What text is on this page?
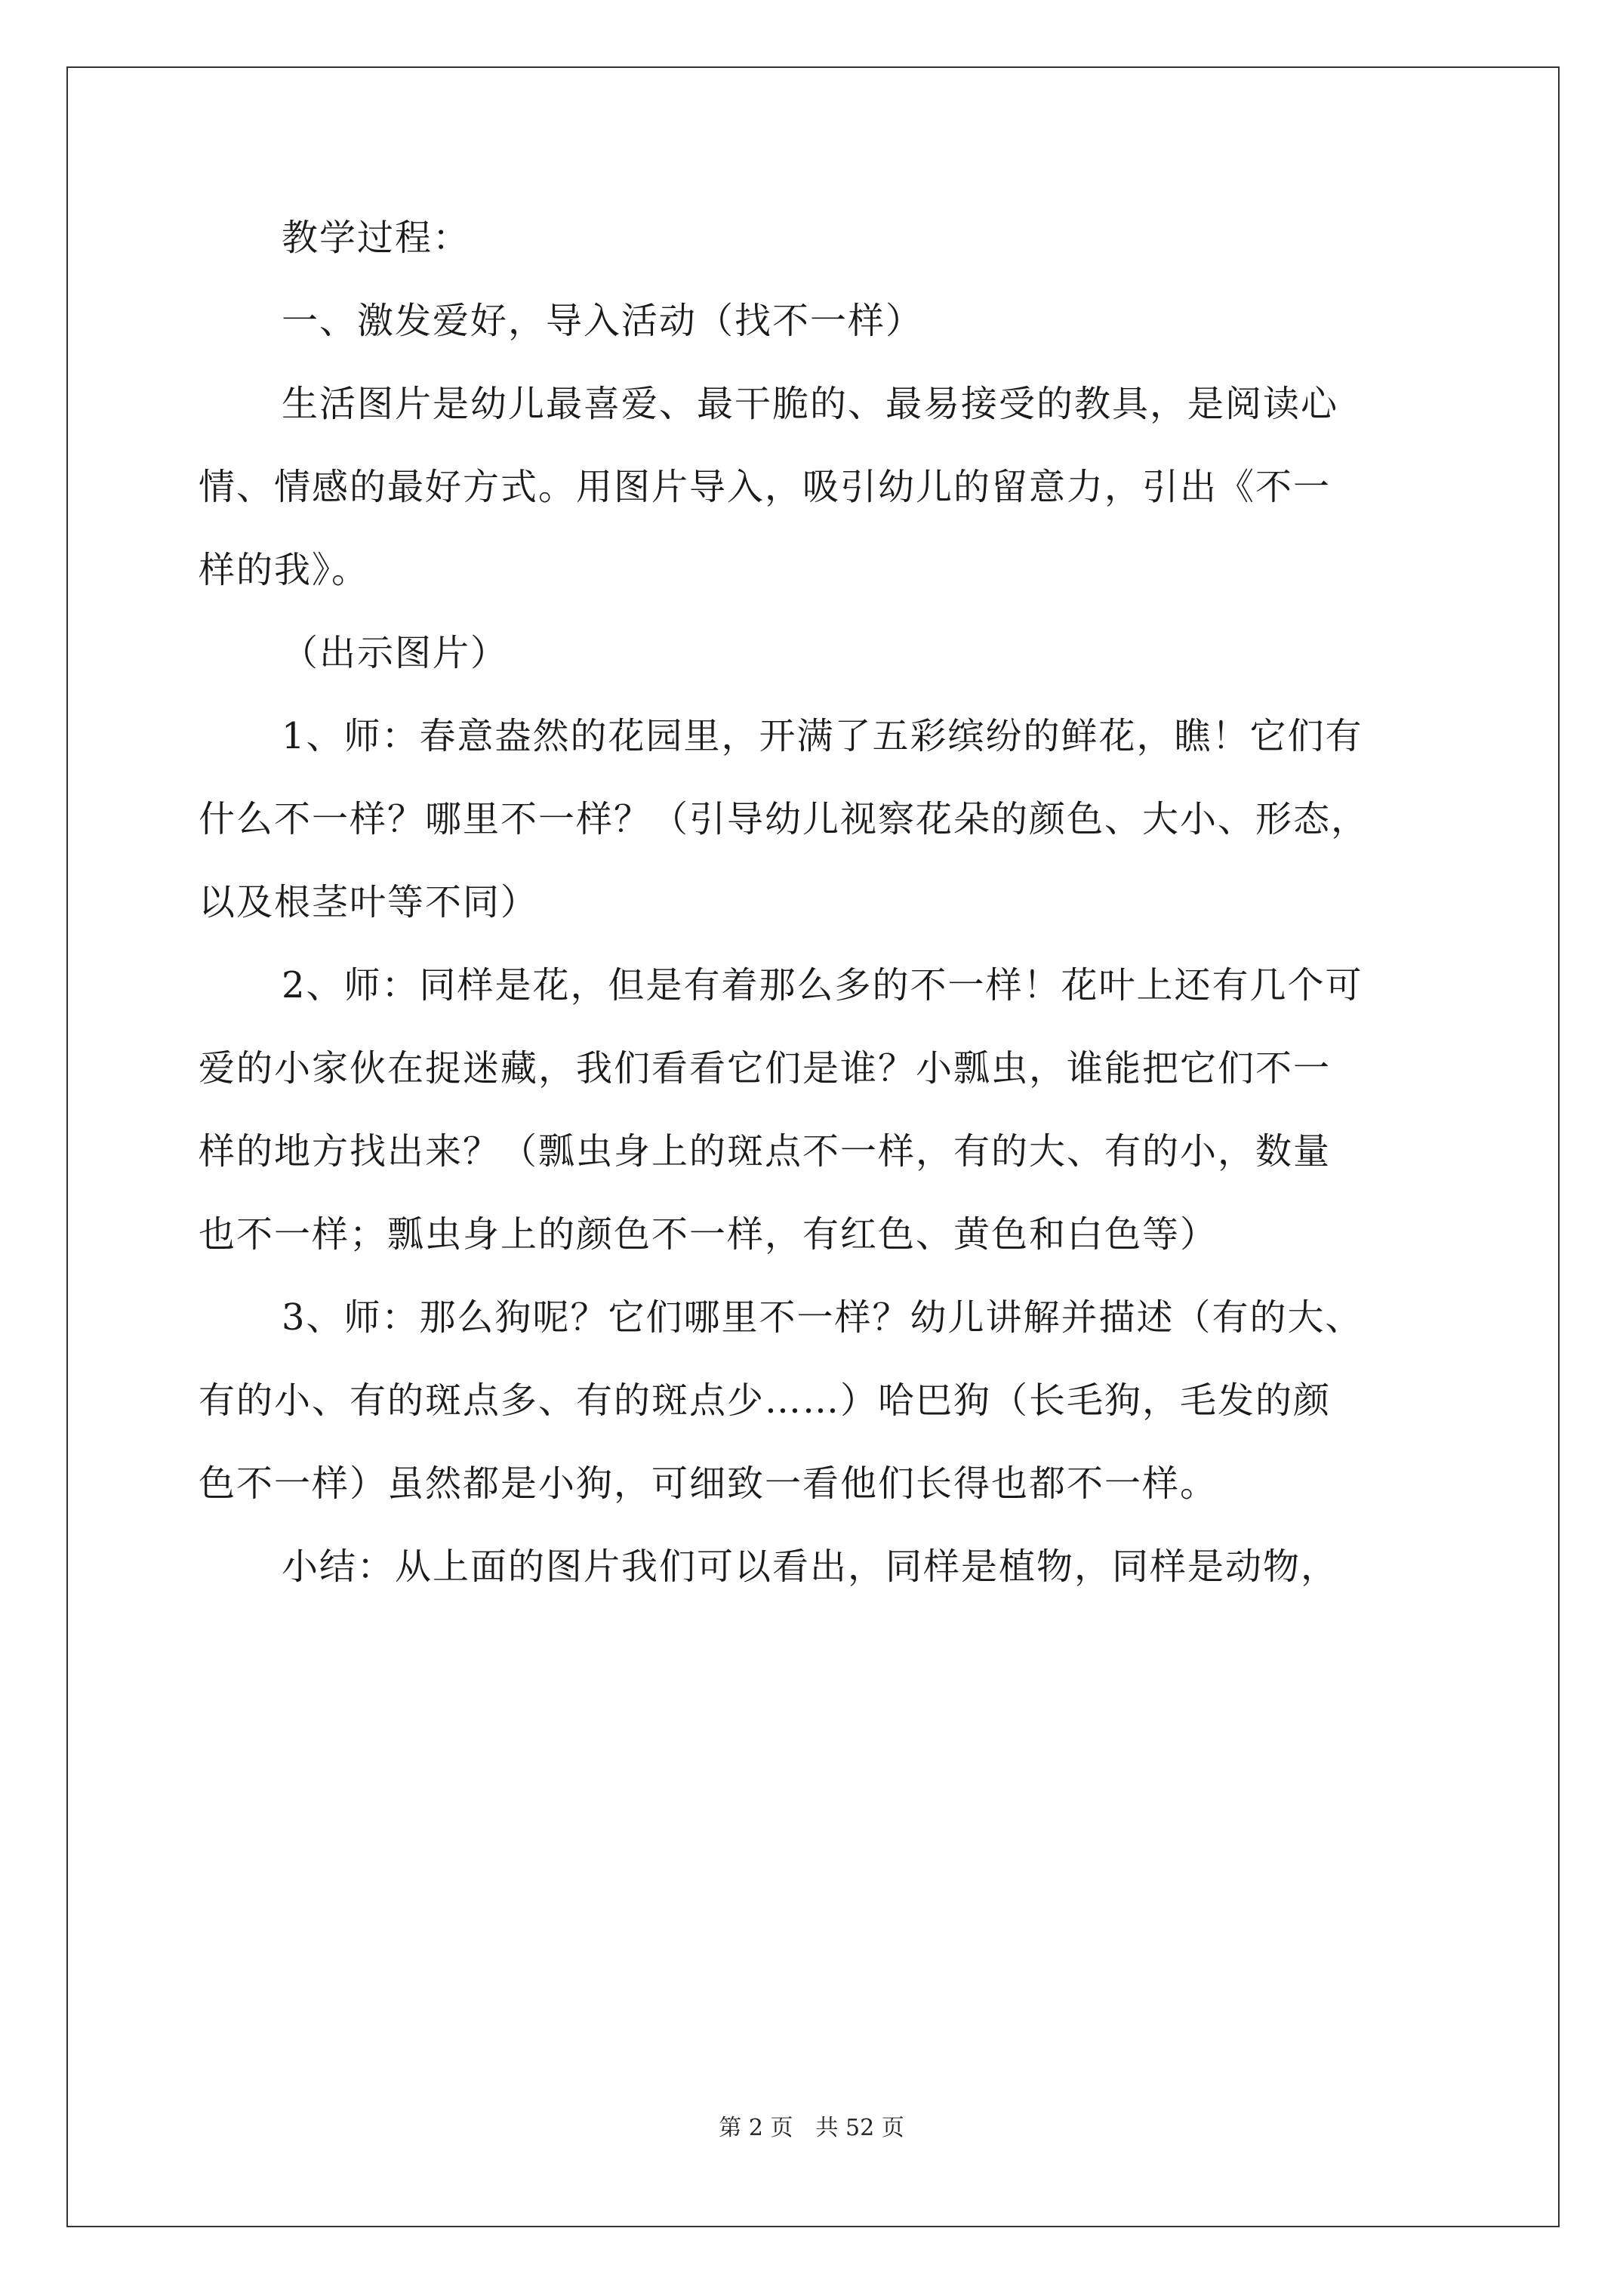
教学过程：
一、激发爱好，导入活动（找不一样）
生活图片是幼儿最喜爱、最干脆的、最易接受的教具，是阅读心
情、情感的最好方式。用图片导入，吸引幼儿的留意力，引出《不一
样的我》。
（出示图片）
1、师：春意盎然的花园里，开满了五彩缤纷的鲜花，瞧！它们有
什么不一样？哪里不一样？（引导幼儿视察花朵的颜色、大小、形态，
以及根茎叶等不同）
2、师：同样是花，但是有着那么多的不一样！花叶上还有几个可
爱的小家伙在捉迷藏，我们看看它们是谁？小瓢虫，谁能把它们不一
样的地方找出来？（瓢虫身上的斑点不一样，有的大、有的小，数量
也不一样；瓢虫身上的颜色不一样，有红色、黄色和白色等）
3、师：那么狗呢？它们哪里不一样？幼儿讲解并描述（有的大、
有的小、有的斑点多、有的斑点少……）哈巴狗（长毛狗，毛发的颜
色不一样）虽然都是小狗，可细致一看他们长得也都不一样。
小结：从上面的图片我们可以看出，同样是植物，同样是动物，
第 2 页　共 52 页
